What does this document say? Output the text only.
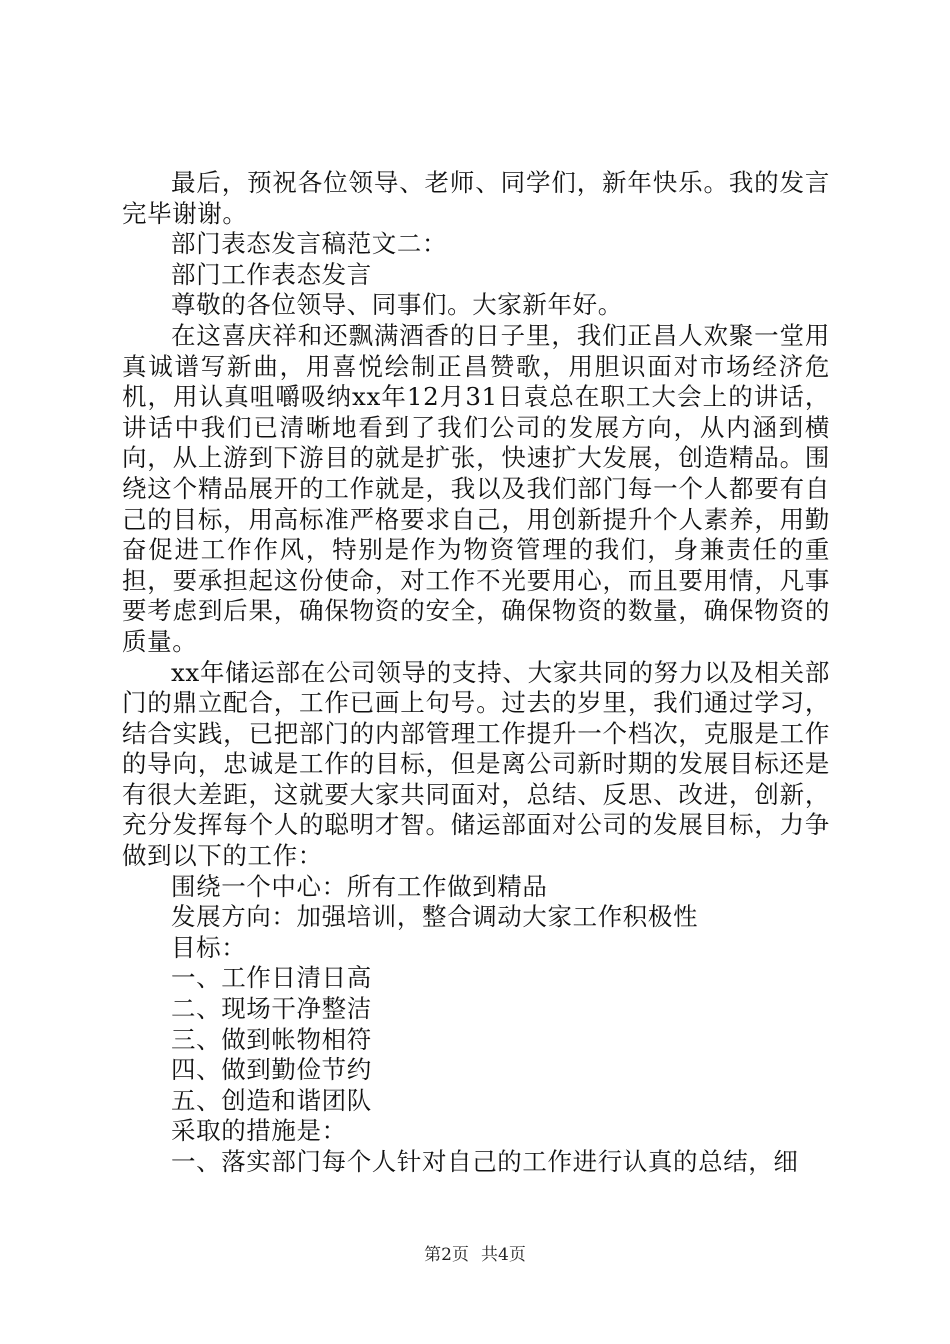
最后，预祝各位领导、老师、同学们，新年快乐。我的发言完毕谢谢。

部门表态发言稿范文二：

部门工作表态发言

尊敬的各位领导、同事们。大家新年好。

在这喜庆祥和还飘满酒香的日子里，我们正昌人欢聚一堂用真诚谱写新曲，用喜悦绘制正昌赞歌，用胆识面对市场经济危机，用认真咀嚼吸纳xx年12月31日袁总在职工大会上的讲话，讲话中我们已清晰地看到了我们公司的发展方向，从内涵到横向，从上游到下游目的就是扩张，快速扩大发展，创造精品。围绕这个精品展开的工作就是，我以及我们部门每一个人都要有自己的目标，用高标准严格要求自己，用创新提升个人素养，用勤奋促进工作作风，特别是作为物资管理的我们，身兼责任的重担，要承担起这份使命，对工作不光要用心，而且要用情，凡事要考虑到后果，确保物资的安全，确保物资的数量，确保物资的质量。

xx年储运部在公司领导的支持、大家共同的努力以及相关部门的鼎立配合，工作已画上句号。过去的岁里，我们通过学习，结合实践，已把部门的内部管理工作提升一个档次，克服是工作的导向，忠诚是工作的目标，但是离公司新时期的发展目标还是有很大差距，这就要大家共同面对，总结、反思、改进，创新，充分发挥每个人的聪明才智。储运部面对公司的发展目标，力争做到以下的工作：

围绕一个中心：所有工作做到精品

发展方向：加强培训，整合调动大家工作积极性

目标：

一、工作日清日高

二、现场干净整洁

三、做到帐物相符

四、做到勤俭节约

五、创造和谐团队

采取的措施是：

一、落实部门每个人针对自己的工作进行认真的总结，细

第2页 共4页
